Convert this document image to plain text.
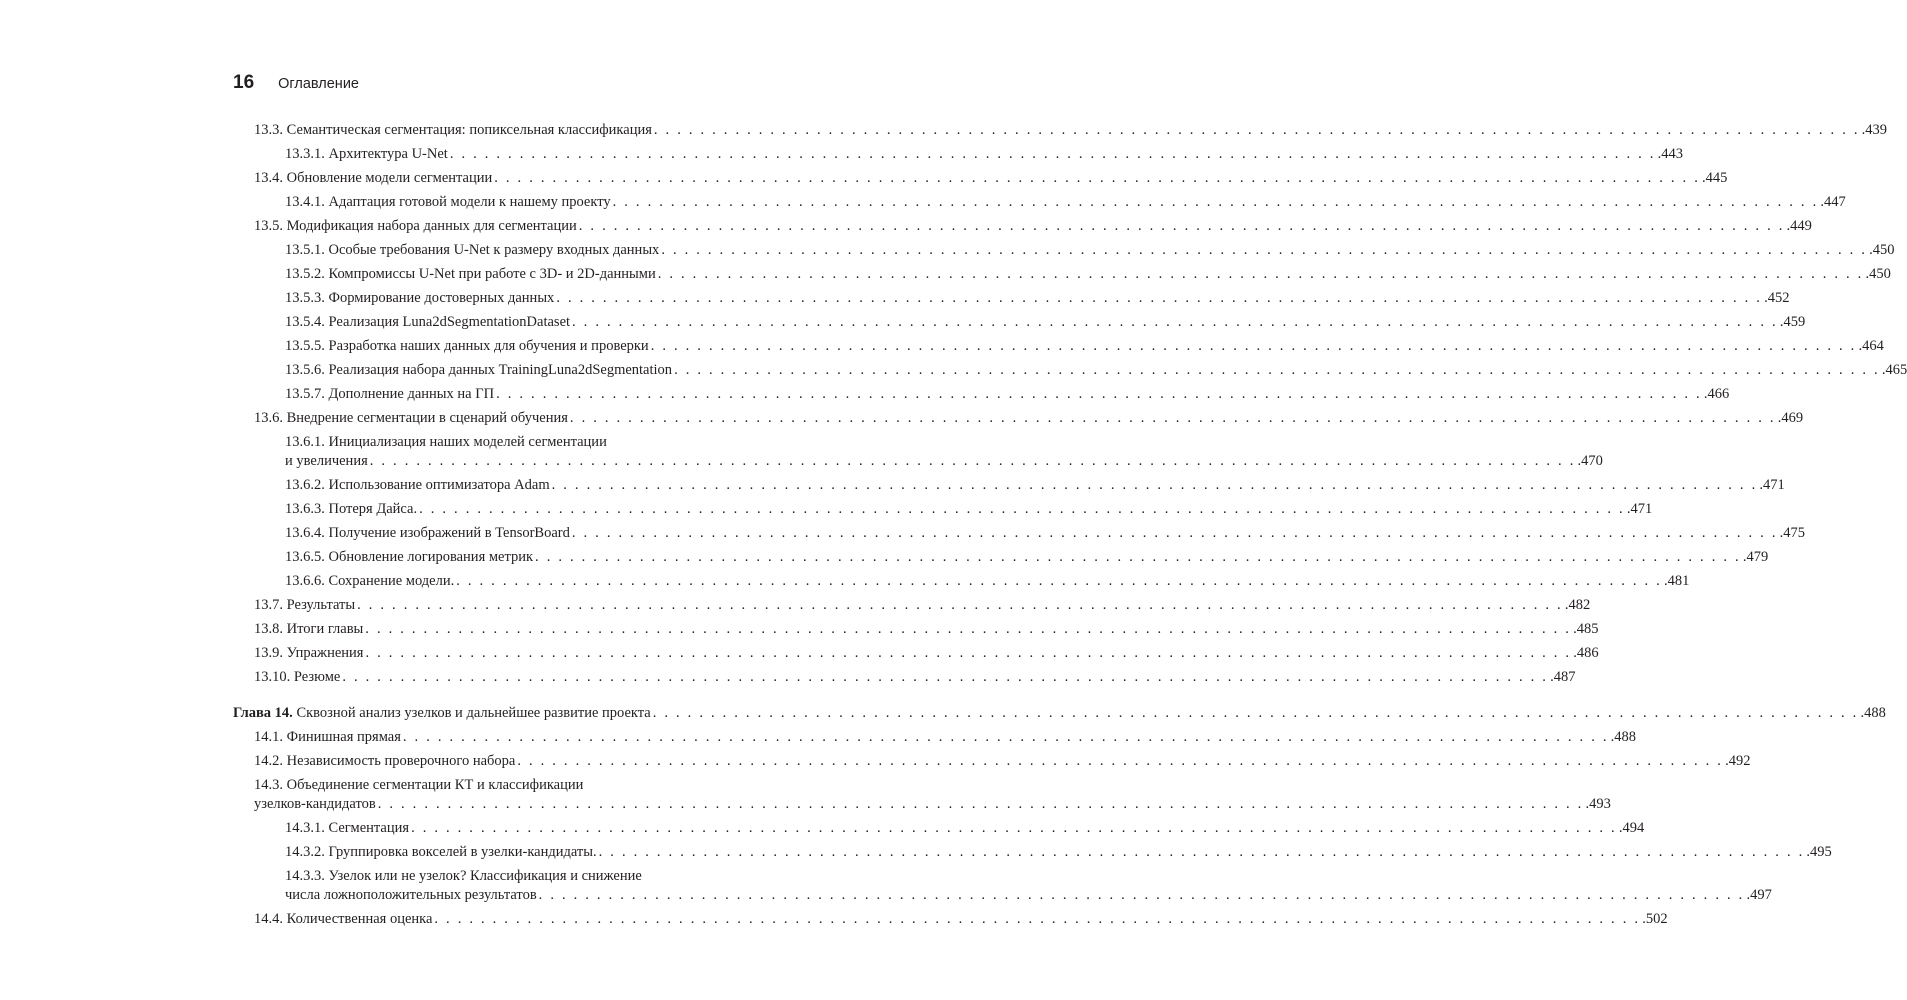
16 Оглавление
13.3. Семантическая сегментация: попиксельная классификация . . .	.439
13.3.1. Архитектура U-Net . . .	.443
13.4. Обновление модели сегментации . . .	.445
13.4.1. Адаптация готовой модели к нашему проекту . . .	.447
13.5. Модификация набора данных для сегментации . . .	.449
13.5.1. Особые требования U-Net к размеру входных данных . . .	.450
13.5.2. Компромиссы U-Net при работе с 3D- и 2D-данными . . .	.450
13.5.3. Формирование достоверных данных . . .	.452
13.5.4. Реализация Luna2dSegmentationDataset . . .	.459
13.5.5. Разработка наших данных для обучения и проверки . . .	.464
13.5.6. Реализация набора данных TrainingLuna2dSegmentation . . .	.465
13.5.7. Дополнение данных на ГП . . .	.466
13.6. Внедрение сегментации в сценарий обучения . . .	.469
13.6.1. Инициализация наших моделей сегментации
и увеличения . . .	.470
13.6.2. Использование оптимизатора Adam . . .	.471
13.6.3. Потеря Дайса. . . .	.471
13.6.4. Получение изображений в TensorBoard . . .	.475
13.6.5. Обновление логирования метрик . . .	.479
13.6.6. Сохранение модели. . . .	.481
13.7. Результаты . . .	.482
13.8. Итоги главы . . .	.485
13.9. Упражнения . . .	.486
13.10. Резюме . . .	.487
Глава 14. Сквозной анализ узелков и дальнейшее развитие проекта . . .	.488
14.1. Финишная прямая . . .	.488
14.2. Независимость проверочного набора . . .	.492
14.3. Объединение сегментации КТ и классификации
узелков-кандидатов . . .	.493
14.3.1. Сегментация . . .	.494
14.3.2. Группировка вокселей в узелки-кандидаты. . . .	.495
14.3.3. Узелок или не узелок? Классификация и снижение
числа ложноположительных результатов . . .	.497
14.4. Количественная оценка . . .	.502
